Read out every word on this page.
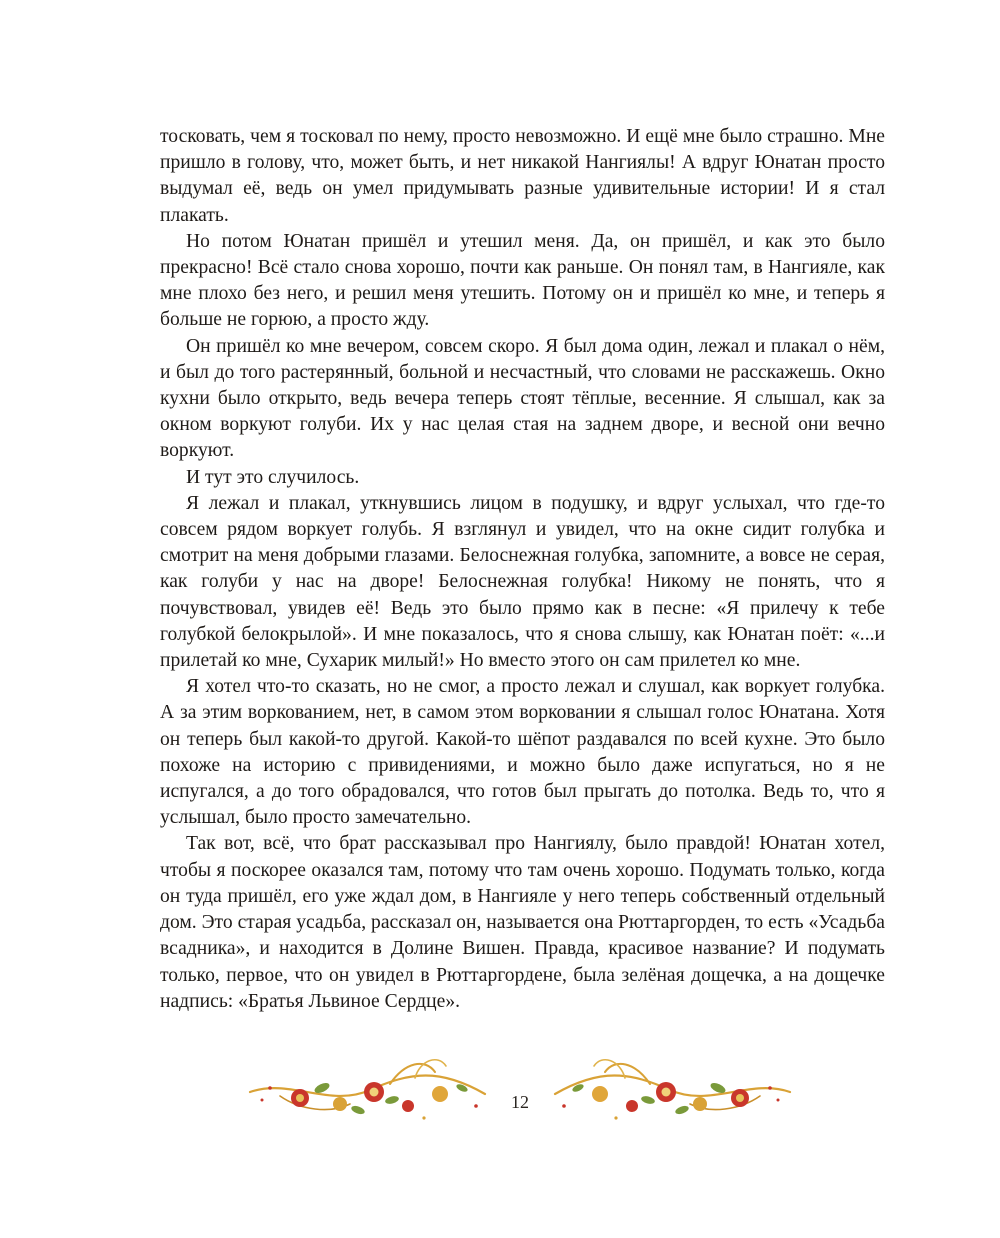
тосковать, чем я тосковал по нему, просто невозможно. И ещё мне было страшно. Мне пришло в голову, что, может быть, и нет никакой Нангиялы! А вдруг Юнатан просто выдумал её, ведь он умел придумывать разные удивительные истории! И я стал плакать.

Но потом Юнатан пришёл и утешил меня. Да, он пришёл, и как это было прекрасно! Всё стало снова хорошо, почти как раньше. Он понял там, в Нангияле, как мне плохо без него, и решил меня утешить. Потому он и пришёл ко мне, и теперь я больше не горюю, а просто жду.

Он пришёл ко мне вечером, совсем скоро. Я был дома один, лежал и плакал о нём, и был до того растерянный, больной и несчастный, что словами не расскажешь. Окно кухни было открыто, ведь вечера теперь стоят тёплые, весенние. Я слышал, как за окном воркуют голуби. Их у нас целая стая на заднем дворе, и весной они вечно воркуют.

И тут это случилось.

Я лежал и плакал, уткнувшись лицом в подушку, и вдруг услыхал, что где-то совсем рядом воркует голубь. Я взглянул и увидел, что на окне сидит голубка и смотрит на меня добрыми глазами. Белоснежная голубка, запомните, а вовсе не серая, как голуби у нас на дворе! Белоснежная голубка! Никому не понять, что я почувствовал, увидев её! Ведь это было прямо как в песне: «Я прилечу к тебе голубкой белокрылой». И мне показалось, что я снова слышу, как Юнатан поёт: «...и прилетай ко мне, Сухарик милый!» Но вместо этого он сам прилетел ко мне.

Я хотел что-то сказать, но не смог, а просто лежал и слушал, как воркует голубка. А за этим воркованием, нет, в самом этом ворковании я слышал голос Юнатана. Хотя он теперь был какой-то другой. Какой-то шёпот раздавался по всей кухне. Это было похоже на историю с привидениями, и можно было даже испугаться, но я не испугался, а до того обрадовался, что готов был прыгать до потолка. Ведь то, что я услышал, было просто замечательно.

Так вот, всё, что брат рассказывал про Нангиялу, было правдой! Юнатан хотел, чтобы я поскорее оказался там, потому что там очень хорошо. Подумать только, когда он туда пришёл, его уже ждал дом, в Нангияле у него теперь собственный отдельный дом. Это старая усадьба, рассказал он, называется она Рюттаргорден, то есть «Усадьба всадника», и находится в Долине Вишен. Правда, красивое название? И подумать только, первое, что он увидел в Рюттаргордене, была зелёная дощечка, а на дощечке надпись: «Братья Львиное Сердце».

12
